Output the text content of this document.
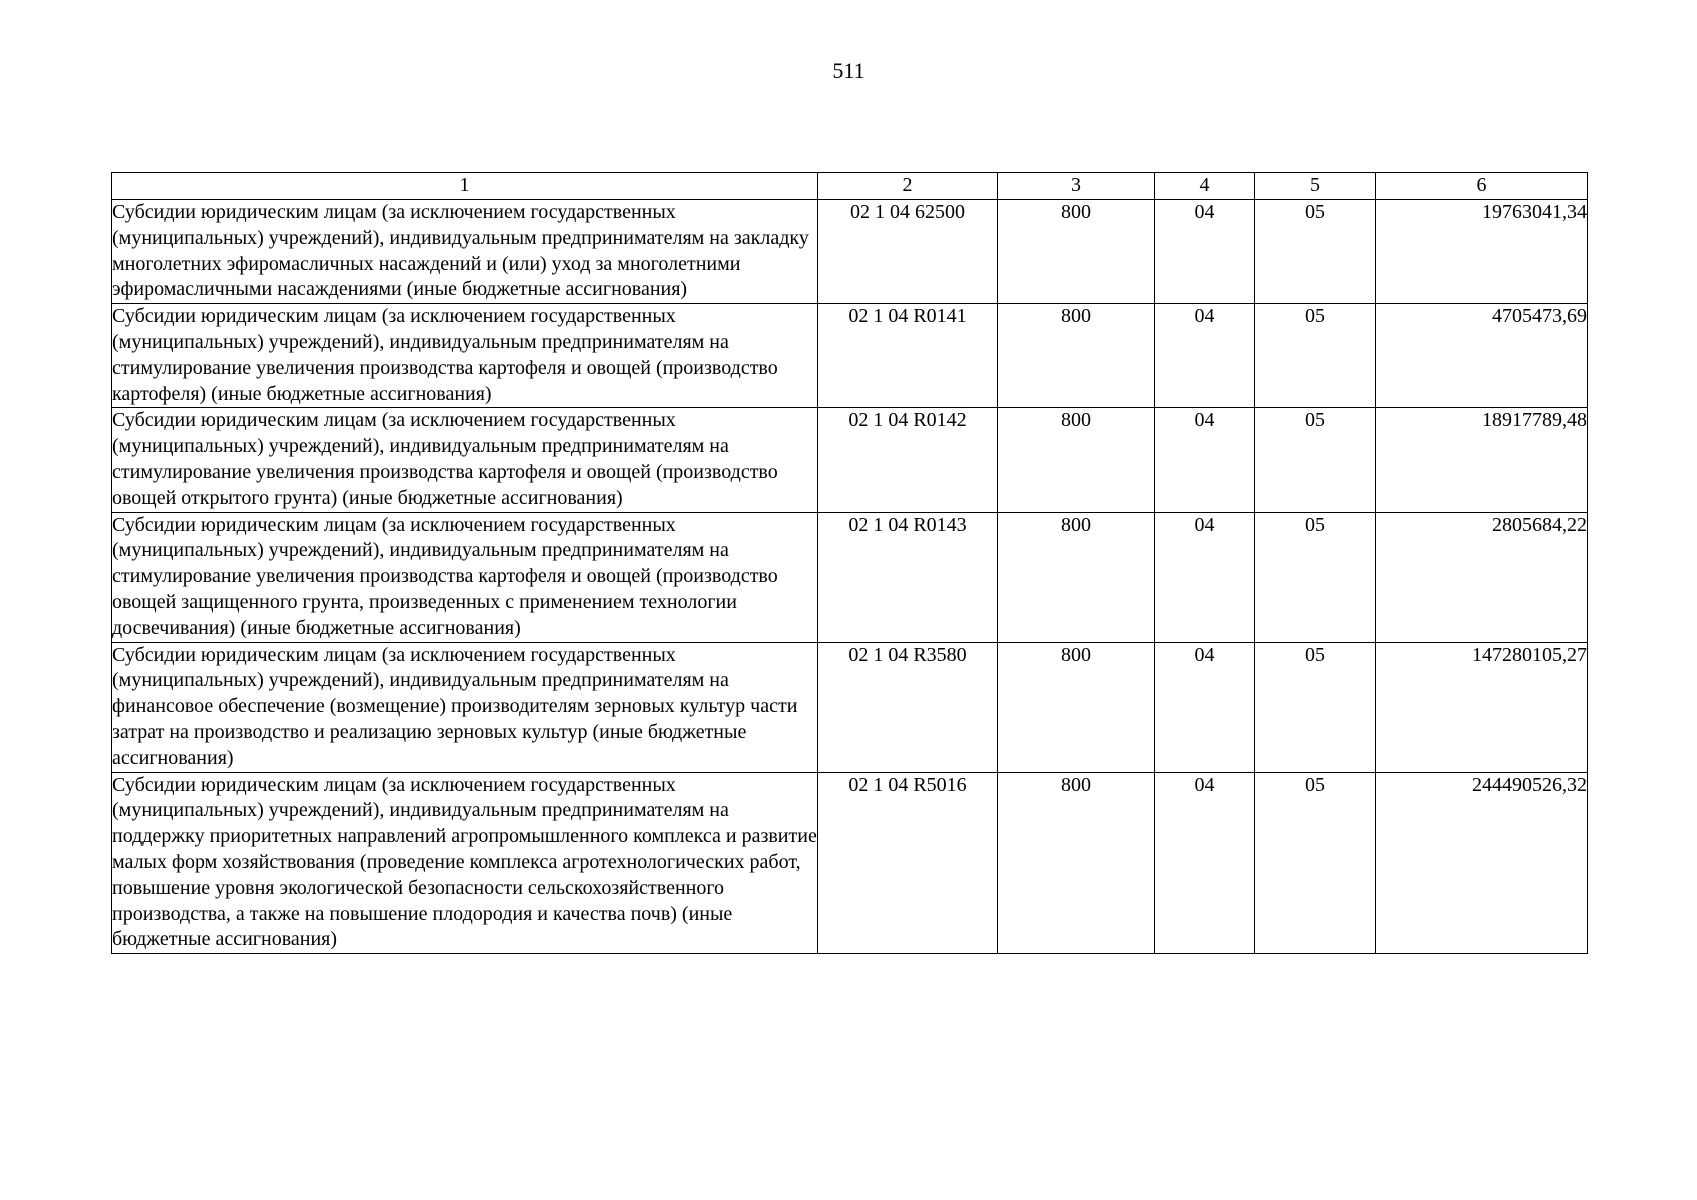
511
1	2	3	4	5	6
Субсидии юридическим лицам (за исключением государственных (муниципальных) учреждений), индивидуальным предпринимателям на закладку многолетних эфиромасличных насаждений и (или) уход за многолетними эфиромасличными насаждениями (иные бюджетные ассигнования)	02 1 04 62500	800	04	05	19763041,34
Субсидии юридическим лицам (за исключением государственных (муниципальных) учреждений), индивидуальным предпринимателям на стимулирование увеличения производства картофеля и овощей (производство картофеля) (иные бюджетные ассигнования)	02 1 04 R0141	800	04	05	4705473,69
Субсидии юридическим лицам (за исключением государственных (муниципальных) учреждений), индивидуальным предпринимателям на стимулирование увеличения производства картофеля и овощей (производство овощей открытого грунта) (иные бюджетные ассигнования)	02 1 04 R0142	800	04	05	18917789,48
Субсидии юридическим лицам (за исключением государственных (муниципальных) учреждений), индивидуальным предпринимателям на стимулирование увеличения производства картофеля и овощей (производство овощей защищенного грунта, произведенных с применением технологии досвечивания) (иные бюджетные ассигнования)	02 1 04 R0143	800	04	05	2805684,22
Субсидии юридическим лицам (за исключением государственных (муниципальных) учреждений), индивидуальным предпринимателям на финансовое обеспечение (возмещение) производителям зерновых культур части затрат на производство и реализацию зерновых культур (иные бюджетные ассигнования)	02 1 04 R3580	800	04	05	147280105,27
Субсидии юридическим лицам (за исключением государственных (муниципальных) учреждений), индивидуальным предпринимателям на поддержку приоритетных направлений агропромышленного комплекса и развитие малых форм хозяйствования (проведение комплекса агротехнологических работ, повышение уровня экологической безопасности сельскохозяйственного производства, а также на повышение плодородия и качества почв) (иные бюджетные ассигнования)	02 1 04 R5016	800	04	05	244490526,32
